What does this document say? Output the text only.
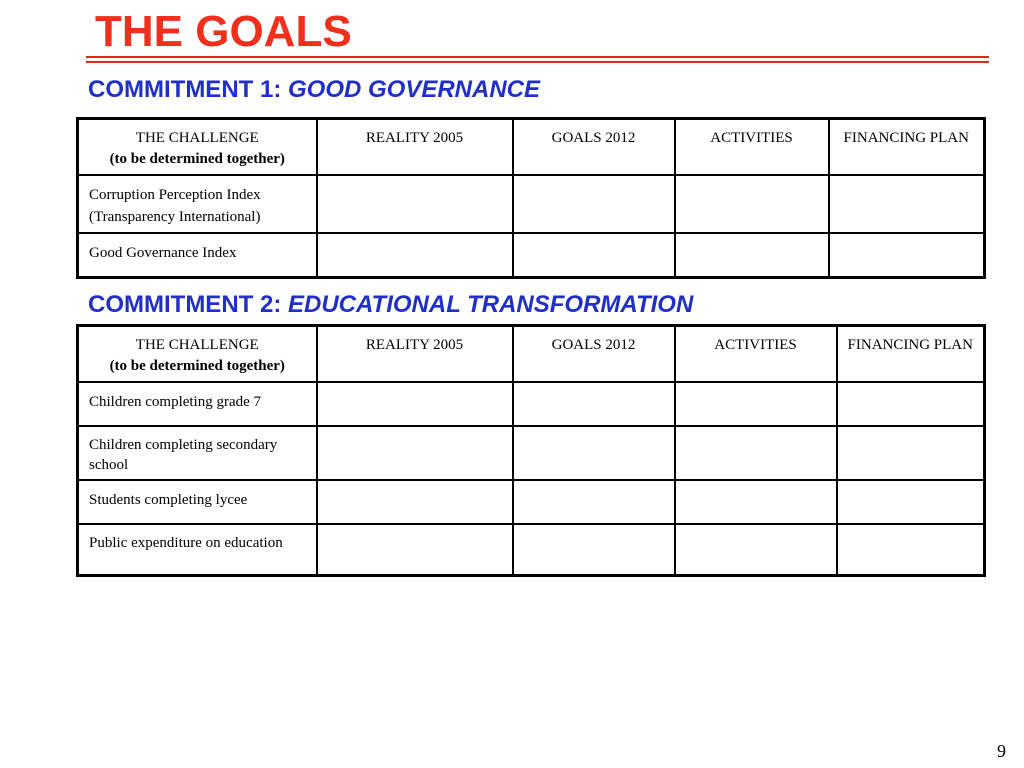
THE GOALS
COMMITMENT 1: GOOD GOVERNANCE
THE CHALLENGE
(to be determined together)	REALITY 2005	GOALS 2012	ACTIVITIES	FINANCING PLAN
Corruption Perception Index (Transparency International)				
Good Governance Index				
COMMITMENT 2: EDUCATIONAL TRANSFORMATION
THE CHALLENGE
(to be determined together)	REALITY 2005	GOALS 2012	ACTIVITIES	FINANCING PLAN
Children completing grade 7				
Children completing secondary school				
Students completing lycee				
Public expenditure on education				
9
